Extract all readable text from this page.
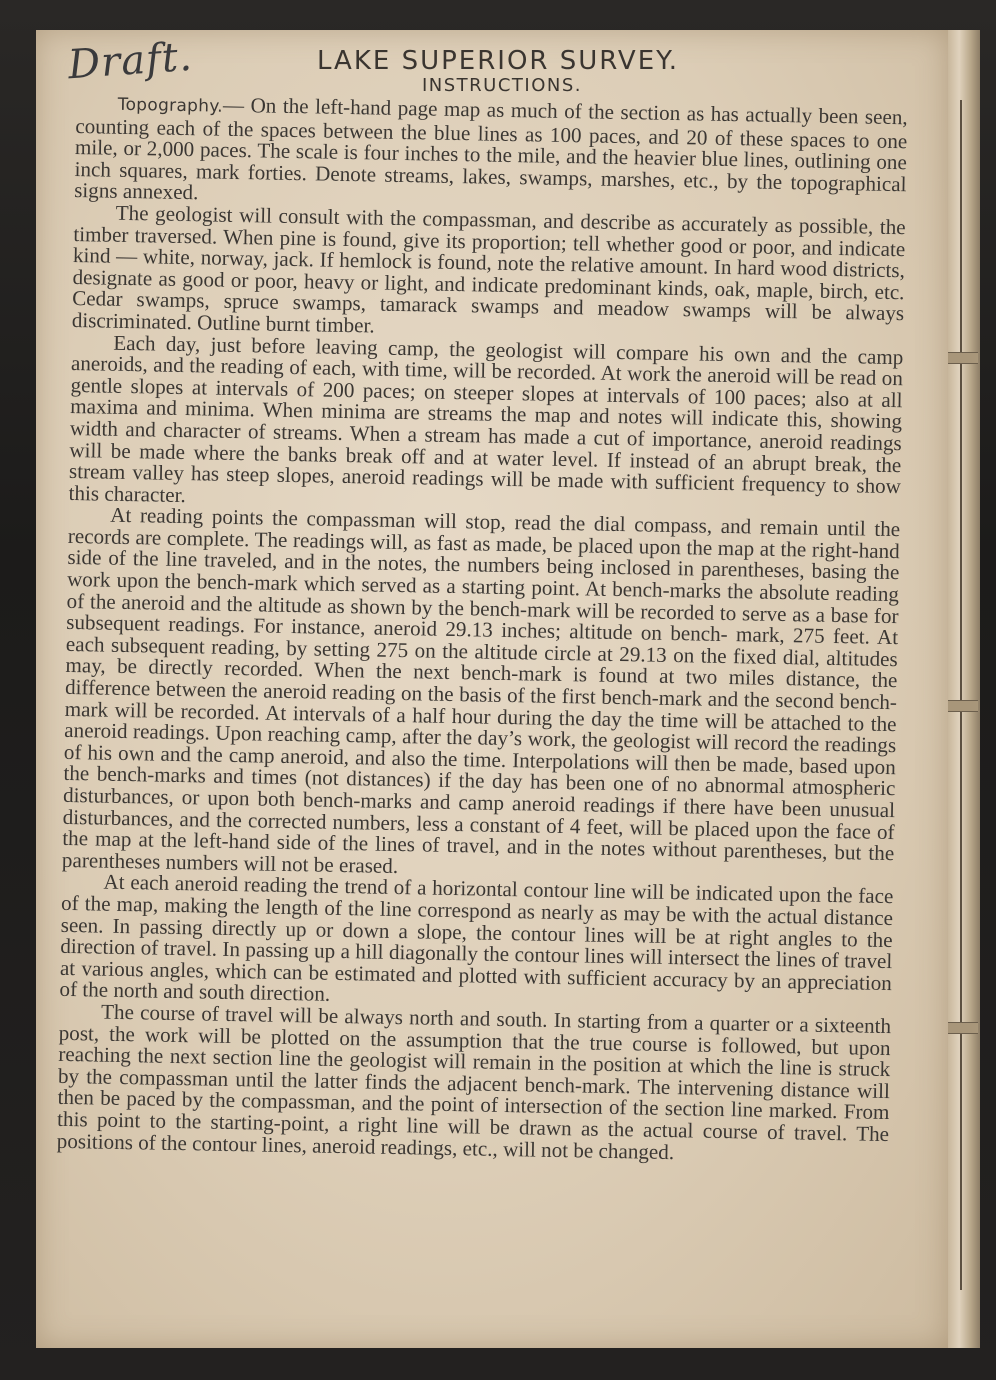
Draft.	LAKE SUPERIOR SURVEY.
INSTRUCTIONS.

Topography.— On the left-hand page map as much of the section as has actually been seen, counting each of the spaces between the blue lines as 100 paces, and 20 of these spaces to one mile, or 2,000 paces. The scale is four inches to the mile, and the heavier blue lines, outlining one inch squares, mark forties. Denote streams, lakes, swamps, marshes, etc., by the topographical signs annexed.

The geologist will consult with the compassman, and describe as accurately as possible, the timber traversed. When pine is found, give its proportion; tell whether good or poor, and indicate kind — white, norway, jack. If hemlock is found, note the relative amount. In hard wood districts, designate as good or poor, heavy or light, and indicate predominant kinds, oak, maple, birch, etc. Cedar swamps, spruce swamps, tamarack swamps and meadow swamps will be always discriminated. Outline burnt timber.

Each day, just before leaving camp, the geologist will compare his own and the camp aneroids, and the reading of each, with time, will be recorded. At work the aneroid will be read on gentle slopes at intervals of 200 paces; on steeper slopes at intervals of 100 paces; also at all maxima and minima. When minima are streams the map and notes will indicate this, showing width and character of streams. When a stream has made a cut of importance, aneroid readings will be made where the banks break off and at water level. If instead of an abrupt break, the stream valley has steep slopes, aneroid readings will be made with sufficient frequency to show this character.

At reading points the compassman will stop, read the dial compass, and remain until the records are complete. The readings will, as fast as made, be placed upon the map at the right-hand side of the line traveled, and in the notes, the numbers being inclosed in parentheses, basing the work upon the bench-mark which served as a starting point. At bench-marks the absolute reading of the aneroid and the altitude as shown by the bench-mark will be recorded to serve as a base for subsequent readings. For instance, aneroid 29.13 inches; altitude on bench- mark, 275 feet. At each subsequent reading, by setting 275 on the altitude circle at 29.13 on the fixed dial, altitudes may, be directly recorded. When the next bench-mark is found at two miles distance, the difference between the aneroid reading on the basis of the first bench-mark and the second bench-mark will be recorded. At intervals of a half hour during the day the time will be attached to the aneroid readings. Upon reaching camp, after the day’s work, the geologist will record the readings of his own and the camp aneroid, and also the time. Interpolations will then be made, based upon the bench-marks and times (not distances) if the day has been one of no abnormal atmospheric disturbances, or upon both bench-marks and camp aneroid readings if there have been unusual disturbances, and the corrected numbers, less a constant of 4 feet, will be placed upon the face of the map at the left-hand side of the lines of travel, and in the notes without parentheses, but the parentheses numbers will not be erased.

At each aneroid reading the trend of a horizontal contour line will be indicated upon the face of the map, making the length of the line correspond as nearly as may be with the actual distance seen. In passing directly up or down a slope, the contour lines will be at right angles to the direction of travel. In passing up a hill diagonally the contour lines will intersect the lines of travel at various angles, which can be estimated and plotted with sufficient accuracy by an appreciation of the north and south direction.

The course of travel will be always north and south. In starting from a quarter or a sixteenth post, the work will be plotted on the assumption that the true course is followed, but upon reaching the next section line the geologist will remain in the position at which the line is struck by the compassman until the latter finds the adjacent bench-mark. The intervening distance will then be paced by the compassman, and the point of intersection of the section line marked. From this point to the starting-point, a right line will be drawn as the actual course of travel. The positions of the contour lines, aneroid readings, etc., will not be changed.
